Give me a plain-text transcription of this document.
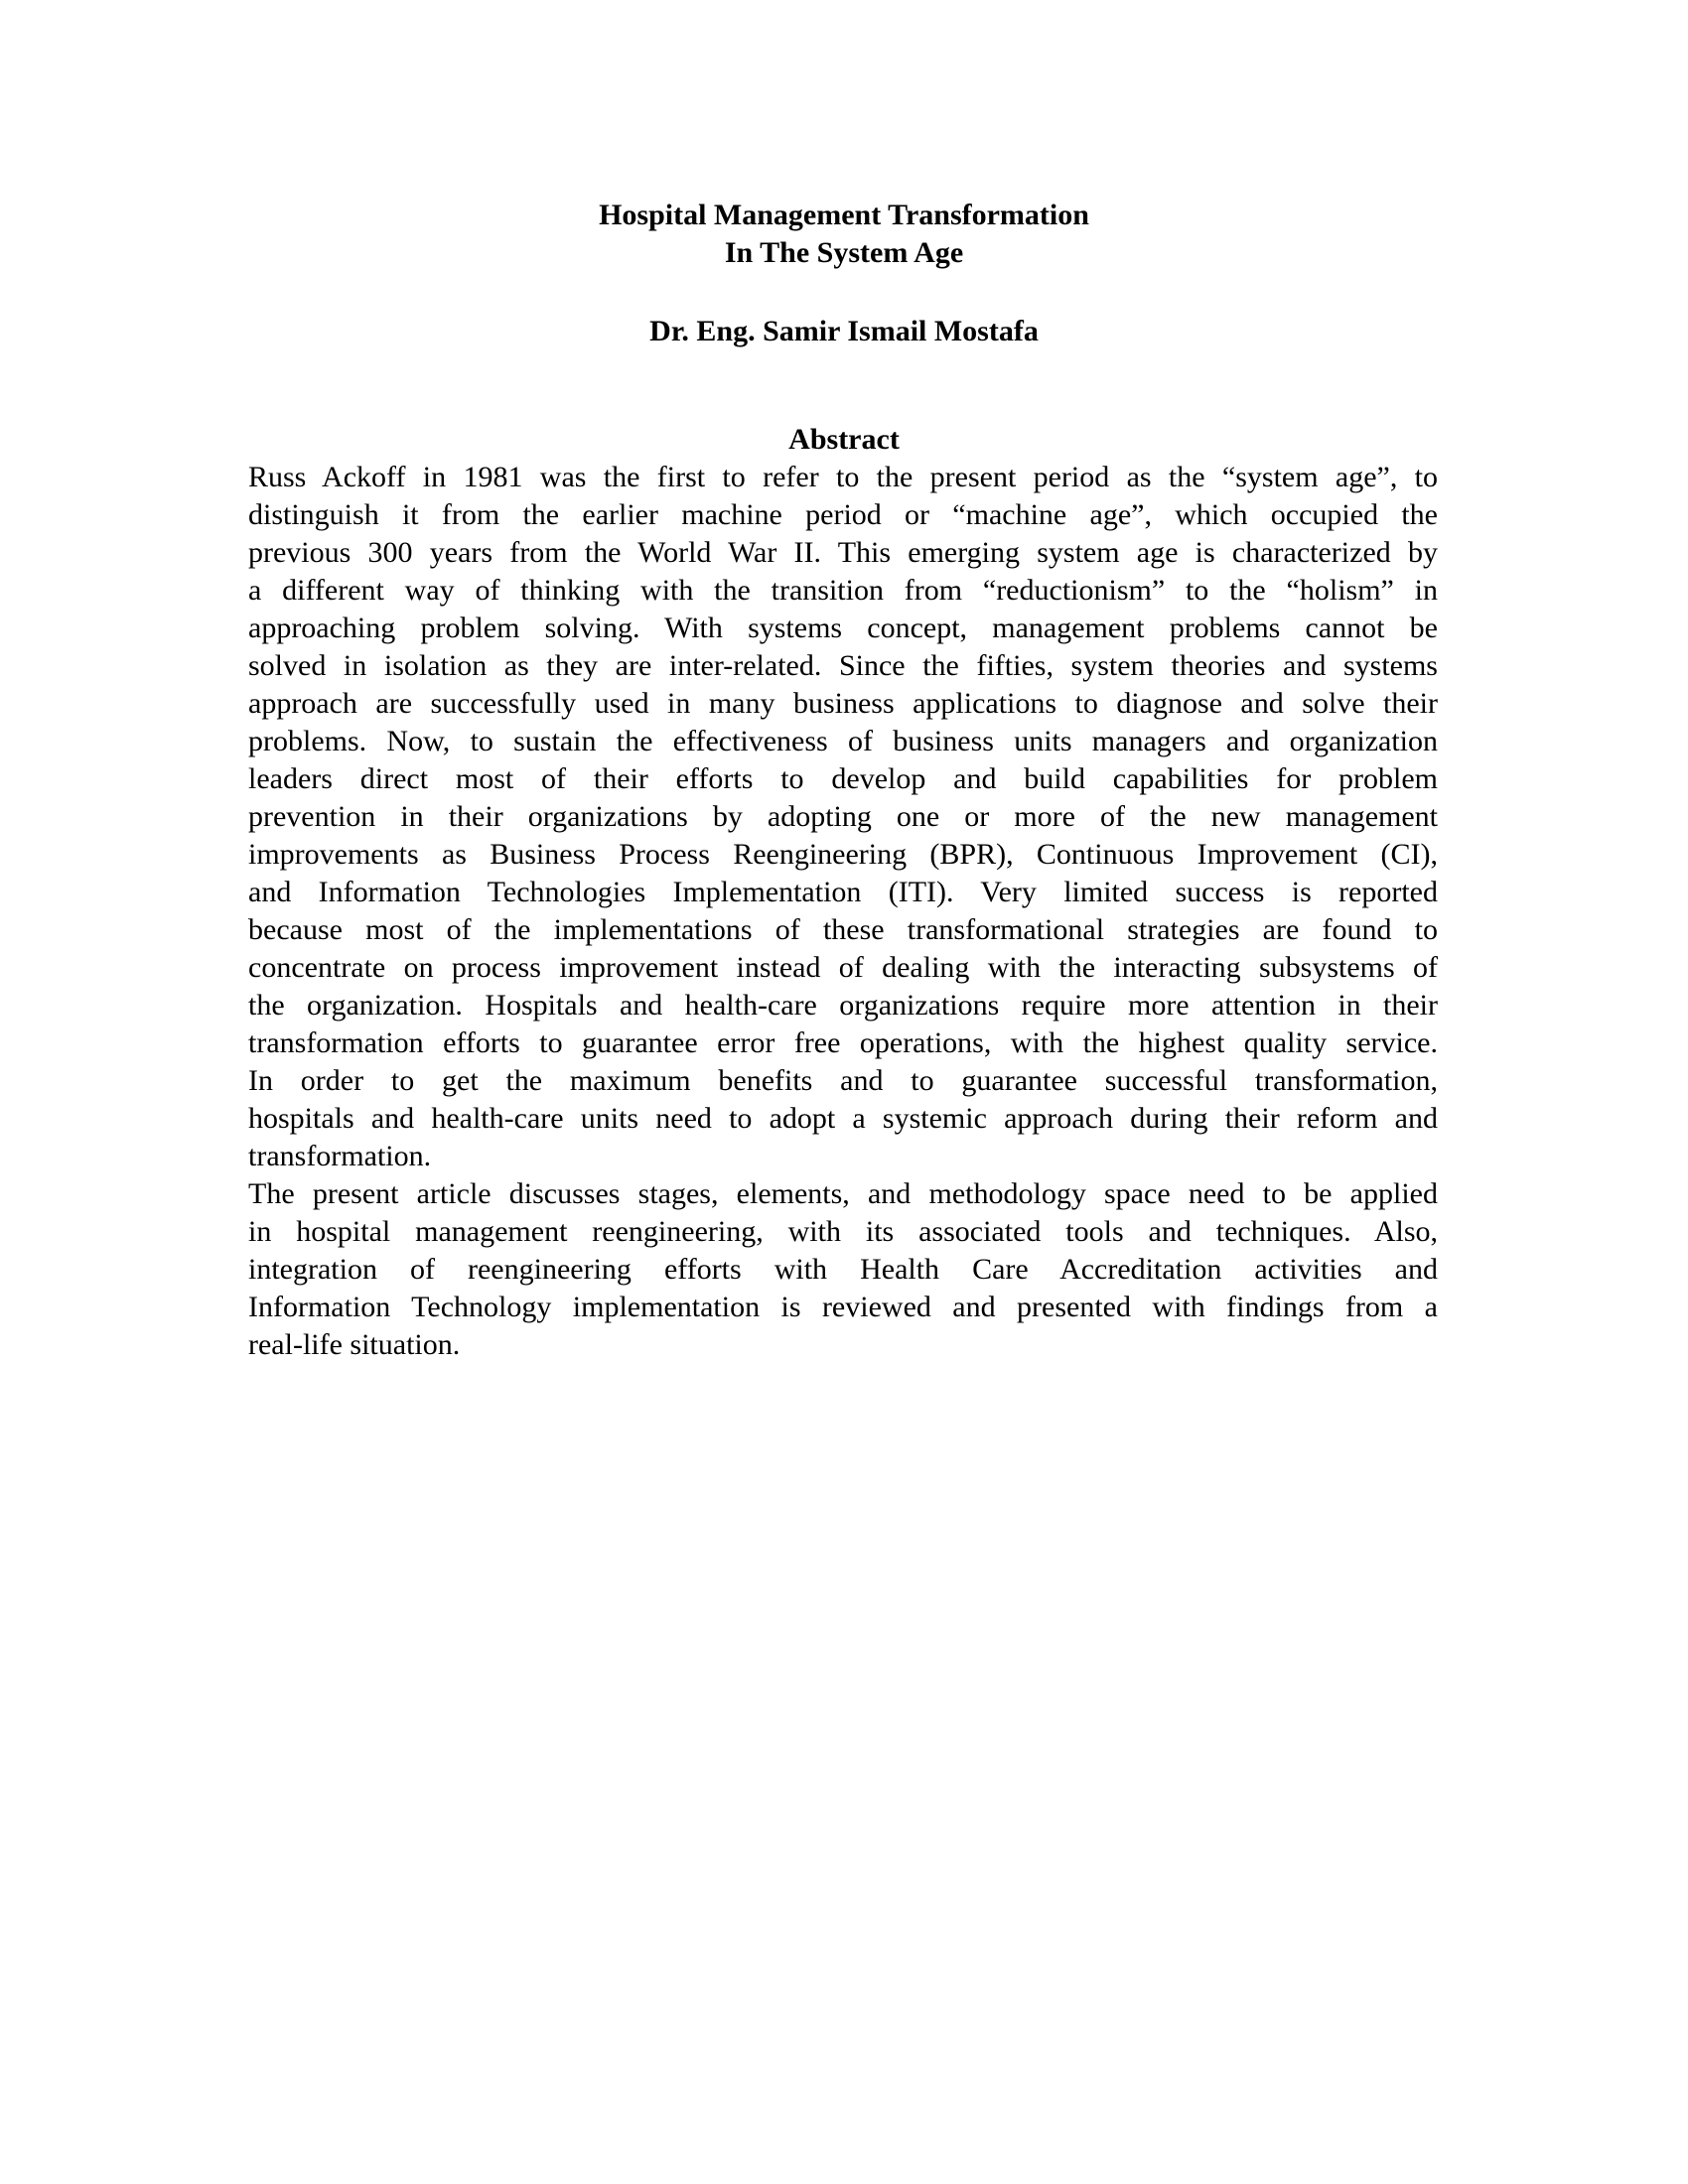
Hospital Management Transformation
In The System Age
Dr. Eng. Samir Ismail Mostafa
Abstract
Russ Ackoff in 1981 was the first to refer to the present period as the “system age”, to
distinguish it from the earlier machine period or “machine age”, which occupied the
previous 300 years from the World War II. This emerging system age is characterized by
a different way of thinking with the transition from “reductionism” to the “holism” in
approaching problem solving. With systems concept, management problems cannot be
solved in isolation as they are inter-related. Since the fifties, system theories and systems
approach are successfully used in many business applications to diagnose and solve their
problems. Now, to sustain the effectiveness of business units managers and organization
leaders direct most of their efforts to develop and build capabilities for problem
prevention in their organizations by adopting one or more of the new management
improvements as Business Process Reengineering (BPR), Continuous Improvement (CI),
and Information Technologies Implementation (ITI). Very limited success is reported
because most of the implementations of these transformational strategies are found to
concentrate on process improvement instead of dealing with the interacting subsystems of
the organization. Hospitals and health-care organizations require more attention in their
transformation efforts to guarantee error free operations, with the highest quality service.
In order to get the maximum benefits and to guarantee successful transformation,
hospitals and health-care units need to adopt a systemic approach during their reform and
transformation.
The present article discusses stages, elements, and methodology space need to be applied
in hospital management reengineering, with its associated tools and techniques. Also,
integration of reengineering efforts with Health Care Accreditation activities and
Information Technology implementation is reviewed and presented with findings from a
real-life situation.
